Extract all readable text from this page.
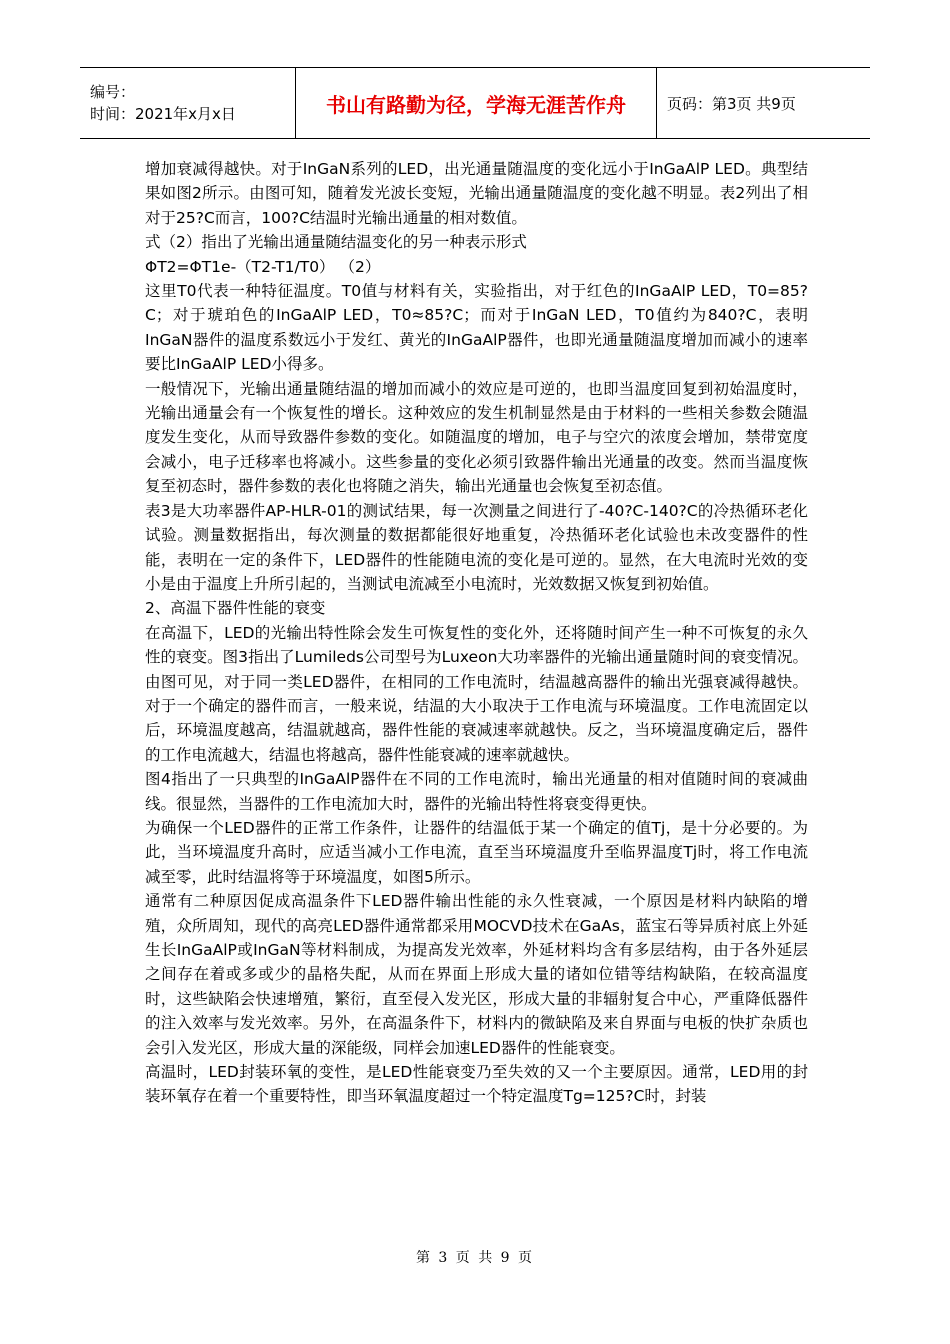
编号：
时间：2021年x月x日	书山有路勤为径，学海无涯苦作舟	页码：第3页 共9页

增加衰减得越快。对于InGaN系列的LED，出光通量随温度的变化远小于InGaAlP LED。典型结果如图2所示。由图可知，随着发光波长变短，光输出通量随温度的变化越不明显。表2列出了相对于25?C而言，100?C结温时光输出通量的相对数值。

式（2）指出了光输出通量随结温变化的另一种表示形式

ΦT2=ΦT1e-（T2-T1/T0） （2）

这里T0代表一种特征温度。T0值与材料有关，实验指出，对于红色的InGaAlP LED，T0=85?C；对于琥珀色的InGaAlP LED，T0≈85?C；而对于InGaN LED，T0值约为840?C，表明InGaN器件的温度系数远小于发红、黄光的InGaAlP器件，也即光通量随温度增加而减小的速率要比InGaAlP LED小得多。

一般情况下，光输出通量随结温的增加而减小的效应是可逆的，也即当温度回复到初始温度时，光输出通量会有一个恢复性的增长。这种效应的发生机制显然是由于材料的一些相关参数会随温度发生变化，从而导致器件参数的变化。如随温度的增加，电子与空穴的浓度会增加，禁带宽度会减小，电子迁移率也将减小。这些参量的变化必须引致器件输出光通量的改变。然而当温度恢复至初态时，器件参数的表化也将随之消失，输出光通量也会恢复至初态值。

表3是大功率器件AP-HLR-01的测试结果，每一次测量之间进行了-40?C-140?C的冷热循环老化试验。测量数据指出，每次测量的数据都能很好地重复，冷热循环老化试验也未改变器件的性能，表明在一定的条件下，LED器件的性能随电流的变化是可逆的。显然，在大电流时光效的变小是由于温度上升所引起的，当测试电流减至小电流时，光效数据又恢复到初始值。

2、高温下器件性能的衰变

在高温下，LED的光输出特性除会发生可恢复性的变化外，还将随时间产生一种不可恢复的永久性的衰变。图3指出了Lumileds公司型号为Luxeon大功率器件的光输出通量随时间的衰变情况。由图可见，对于同一类LED器件，在相同的工作电流时，结温越高器件的输出光强衰减得越快。对于一个确定的器件而言，一般来说，结温的大小取决于工作电流与环境温度。工作电流固定以后，环境温度越高，结温就越高，器件性能的衰减速率就越快。反之，当环境温度确定后，器件的工作电流越大，结温也将越高，器件性能衰减的速率就越快。

图4指出了一只典型的InGaAlP器件在不同的工作电流时，输出光通量的相对值随时间的衰减曲线。很显然，当器件的工作电流加大时，器件的光输出特性将衰变得更快。

为确保一个LED器件的正常工作条件，让器件的结温低于某一个确定的值Tj，是十分必要的。为此，当环境温度升高时，应适当减小工作电流，直至当环境温度升至临界温度Tj时，将工作电流减至零，此时结温将等于环境温度，如图5所示。

通常有二种原因促成高温条件下LED器件输出性能的永久性衰减，一个原因是材料内缺陷的增殖，众所周知，现代的高亮LED器件通常都采用MOCVD技术在GaAs，蓝宝石等异质衬底上外延生长InGaAlP或InGaN等材料制成，为提高发光效率，外延材料均含有多层结构，由于各外延层之间存在着或多或少的晶格失配，从而在界面上形成大量的诸如位错等结构缺陷，在较高温度时，这些缺陷会快速增殖，繁衍，直至侵入发光区，形成大量的非辐射复合中心，严重降低器件的注入效率与发光效率。另外，在高温条件下，材料内的微缺陷及来自界面与电板的快扩杂质也会引入发光区，形成大量的深能级，同样会加速LED器件的性能衰变。

高温时，LED封装环氧的变性，是LED性能衰变乃至失效的又一个主要原因。通常，LED用的封装环氧存在着一个重要特性，即当环氧温度超过一个特定温度Tg=125?C时，封装

第 3 页 共 9 页
